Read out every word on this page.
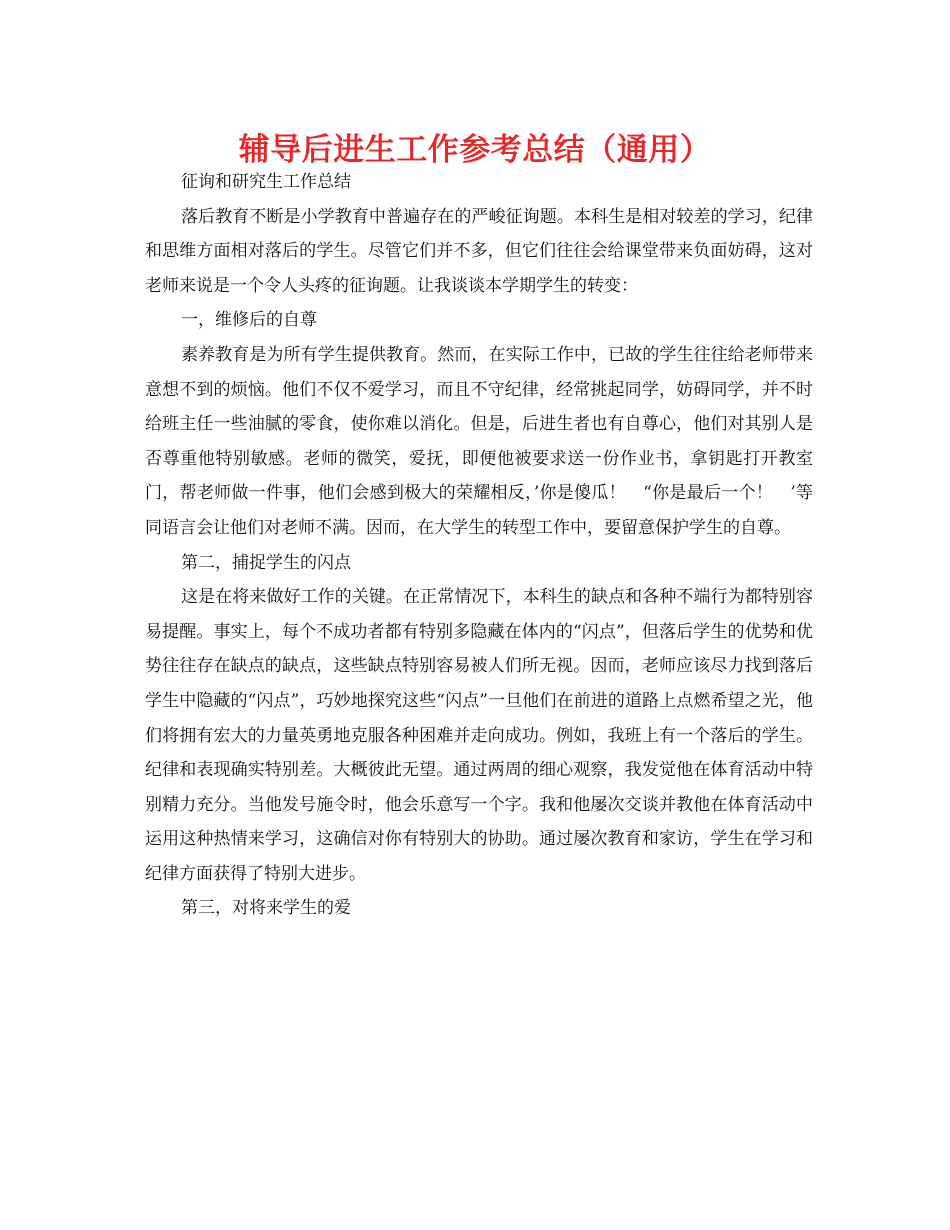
辅导后进生工作参考总结（通用）

征询和研究生工作总结

落后教育不断是小学教育中普遍存在的严峻征询题。本科生是相对较差的学习，纪律和思维方面相对落后的学生。尽管它们并不多，但它们往往会给课堂带来负面妨碍，这对老师来说是一个令人头疼的征询题。让我谈谈本学期学生的转变：

一，维修后的自尊

素养教育是为所有学生提供教育。然而，在实际工作中，已故的学生往往给老师带来意想不到的烦恼。他们不仅不爱学习，而且不守纪律，经常挑起同学，妨碍同学，并不时给班主任一些油腻的零食，使你难以消化。但是，后进生者也有自尊心，他们对其别人是否尊重他特别敏感。老师的微笑，爱抚，即便他被要求送一份作业书，拿钥匙打开教室门，帮老师做一件事，他们会感到极大的荣耀相反，’你是傻瓜！　“你是最后一个！　’等同语言会让他们对老师不满。因而，在大学生的转型工作中，要留意保护学生的自尊。

第二，捕捉学生的闪点

这是在将来做好工作的关键。在正常情况下，本科生的缺点和各种不端行为都特别容易提醒。事实上，每个不成功者都有特别多隐藏在体内的“闪点”，但落后学生的优势和优势往往存在缺点的缺点，这些缺点特别容易被人们所无视。因而，老师应该尽力找到落后学生中隐藏的“闪点”，巧妙地探究这些“闪点”一旦他们在前进的道路上点燃希望之光，他们将拥有宏大的力量英勇地克服各种困难并走向成功。例如，我班上有一个落后的学生。纪律和表现确实特别差。大概彼此无望。通过两周的细心观察，我发觉他在体育活动中特别精力充分。当他发号施令时，他会乐意写一个字。我和他屡次交谈并教他在体育活动中运用这种热情来学习，这确信对你有特别大的协助。通过屡次教育和家访，学生在学习和纪律方面获得了特别大进步。

第三，对将来学生的爱
